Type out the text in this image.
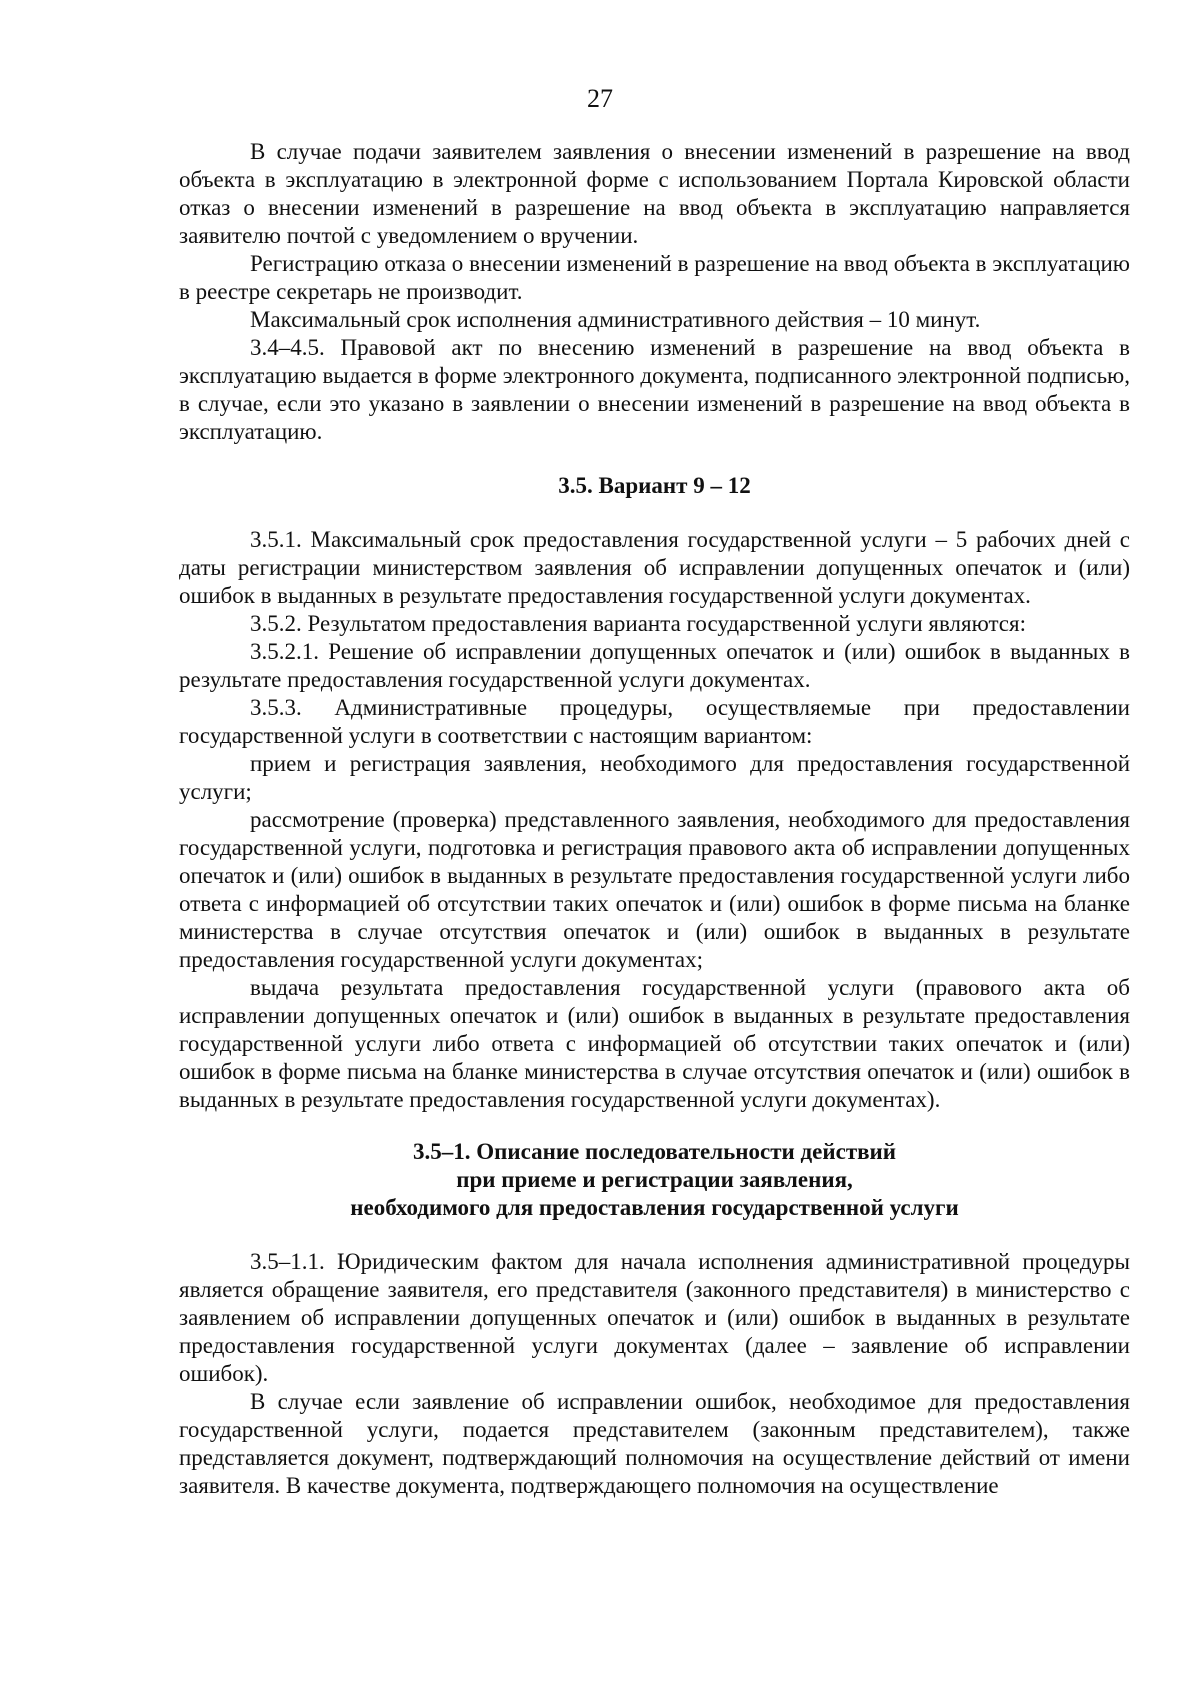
27

В случае подачи заявителем заявления о внесении изменений в разрешение на ввод объекта в эксплуатацию в электронной форме с использованием Портала Кировской области отказ о внесении изменений в разрешение на ввод объекта в эксплуатацию направляется заявителю почтой с уведомлением о вручении.

Регистрацию отказа о внесении изменений в разрешение на ввод объекта в эксплуатацию в реестре секретарь не производит.

Максимальный срок исполнения административного действия – 10 минут.

3.4–4.5. Правовой акт по внесению изменений в разрешение на ввод объекта в эксплуатацию выдается в форме электронного документа, подписанного электронной подписью, в случае, если это указано в заявлении о внесении изменений в разрешение на ввод объекта в эксплуатацию.

3.5. Вариант 9 – 12

3.5.1. Максимальный срок предоставления государственной услуги – 5 рабочих дней с даты регистрации министерством заявления об исправлении допущенных опечаток и (или) ошибок в выданных в результате предоставления государственной услуги документах.

3.5.2. Результатом предоставления варианта государственной услуги являются:

3.5.2.1. Решение об исправлении допущенных опечаток и (или) ошибок в выданных в результате предоставления государственной услуги документах.

3.5.3. Административные процедуры, осуществляемые при предоставлении государственной услуги в соответствии с настоящим вариантом:

прием и регистрация заявления, необходимого для предоставления государственной услуги;

рассмотрение (проверка) представленного заявления, необходимого для предоставления государственной услуги, подготовка и регистрация правового акта об исправлении допущенных опечаток и (или) ошибок в выданных в результате предоставления государственной услуги либо ответа с информацией об отсутствии таких опечаток и (или) ошибок в форме письма на бланке министерства в случае отсутствия опечаток и (или) ошибок в выданных в результате предоставления государственной услуги документах;

выдача результата предоставления государственной услуги (правового акта об исправлении допущенных опечаток и (или) ошибок в выданных в результате предоставления государственной услуги либо ответа с информацией об отсутствии таких опечаток и (или) ошибок в форме письма на бланке министерства в случае отсутствия опечаток и (или) ошибок в выданных в результате предоставления государственной услуги документах).

3.5–1. Описание последовательности действий
при приеме и регистрации заявления,
необходимого для предоставления государственной услуги

3.5–1.1. Юридическим фактом для начала исполнения административной процедуры является обращение заявителя, его представителя (законного представителя) в министерство с заявлением об исправлении допущенных опечаток и (или) ошибок в выданных в результате предоставления государственной услуги документах (далее – заявление об исправлении ошибок).

В случае если заявление об исправлении ошибок, необходимое для предоставления государственной услуги, подается представителем (законным представителем), также представляется документ, подтверждающий полномочия на осуществление действий от имени заявителя. В качестве документа, подтверждающего полномочия на осуществление
